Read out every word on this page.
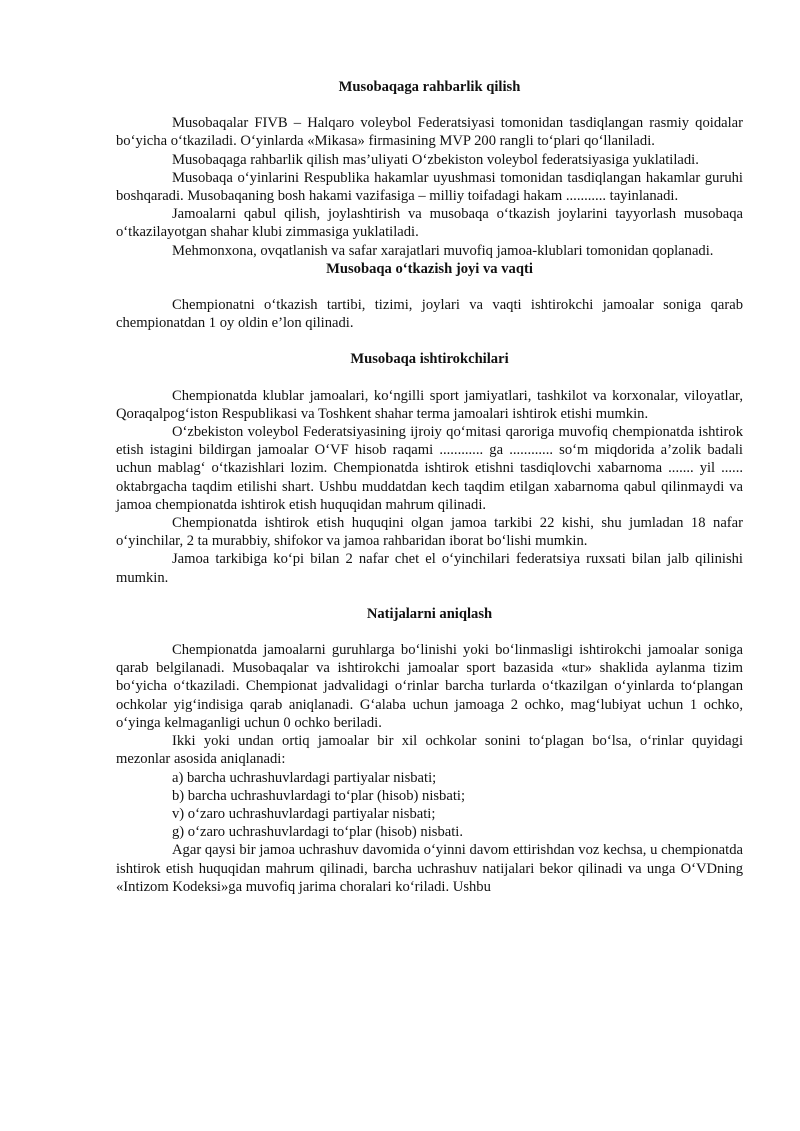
Musobaqaga rahbarlik qilish
Musobaqalar FIVB – Halqaro voleybol Federatsiyasi tomonidan tasdiqlangan rasmiy qoidalar bo‘yicha o‘tkaziladi. O‘yinlarda «Mikasa» firmasining MVP 200 rangli to‘plari qo‘llaniladi.
Musobaqaga rahbarlik qilish mas’uliyati O‘zbekiston voleybol federatsiyasiga yuklatiladi.
Musobaqa o‘yinlarini Respublika hakamlar uyushmasi tomonidan tasdiqlangan hakamlar guruhi boshqaradi. Musobaqaning bosh hakami vazifasiga – milliy toifadagi hakam ........... tayinlanadi.
Jamoalarni qabul qilish, joylashtirish va musobaqa o‘tkazish joylarini tayyorlash musobaqa o‘tkazilayotgan shahar klubi zimmasiga yuklatiladi.
Mehmonxona, ovqatlanish va safar xarajatlari muvofiq jamoa-klublari tomonidan qoplanadi.
Musobaqa o‘tkazish joyi va vaqti
Chempionatni o‘tkazish tartibi, tizimi, joylari va vaqti ishtirokchi jamoalar soniga qarab chempionatdan 1 oy oldin e’lon qilinadi.
Musobaqa ishtirokchilari
Chempionatda klublar jamoalari, ko‘ngilli sport jamiyatlari, tashkilot va korxonalar, viloyatlar, Qoraqalpog‘iston Respublikasi va Toshkent shahar terma jamoalari ishtirok etishi mumkin.
O‘zbekiston voleybol Federatsiyasining ijroiy qo‘mitasi qaroriga muvofiq chempionatda ishtirok etish istagini bildirgan jamoalar O‘VF hisob raqami ............ ga ............ so‘m miqdorida a’zolik badali uchun mablag‘ o‘tkazishlari lozim. Chempionatda ishtirok etishni tasdiqlovchi xabarnoma ....... yil ...... oktabrgacha taqdim etilishi shart. Ushbu muddatdan kech taqdim etilgan xabarnoma qabul qilinmaydi va jamoa chempionatda ishtirok etish huquqidan mahrum qilinadi.
Chempionatda ishtirok etish huquqini olgan jamoa tarkibi 22 kishi, shu jumladan 18 nafar o‘yinchilar, 2 ta murabbiy, shifokor va jamoa rahbaridan iborat bo‘lishi mumkin.
Jamoa tarkibiga ko‘pi bilan 2 nafar chet el o‘yinchilari federatsiya ruxsati bilan jalb qilinishi mumkin.
Natijalarni aniqlash
Chempionatda jamoalarni guruhlarga bo‘linishi yoki bo‘linmasligi ishtirokchi jamoalar soniga qarab belgilanadi. Musobaqalar va ishtirokchi jamoalar sport bazasida «tur» shaklida aylanma tizim bo‘yicha o‘tkaziladi. Chempionat jadvalidagi o‘rinlar barcha turlarda o‘tkazilgan o‘yinlarda to‘plangan ochkolar yig‘indisiga qarab aniqlanadi. G‘alaba uchun jamoaga 2 ochko, mag‘lubiyat uchun 1 ochko, o‘yinga kelmaganligi uchun 0 ochko beriladi.
Ikki yoki undan ortiq jamoalar bir xil ochkolar sonini to‘plagan bo‘lsa, o‘rinlar quyidagi mezonlar asosida aniqlanadi:
a) barcha uchrashuvlardagi partiyalar nisbati;
b) barcha uchrashuvlardagi to‘plar (hisob) nisbati;
v) o‘zaro uchrashuvlardagi partiyalar nisbati;
g) o‘zaro uchrashuvlardagi to‘plar (hisob) nisbati.
Agar qaysi bir jamoa uchrashuv davomida o‘yinni davom ettirishdan voz kechsa, u chempionatda ishtirok etish huquqidan mahrum qilinadi, barcha uchrashuv natijalari bekor qilinadi va unga O‘VDning «Intizom Kodeksi»ga muvofiq jarima choralari ko‘riladi. Ushbu
